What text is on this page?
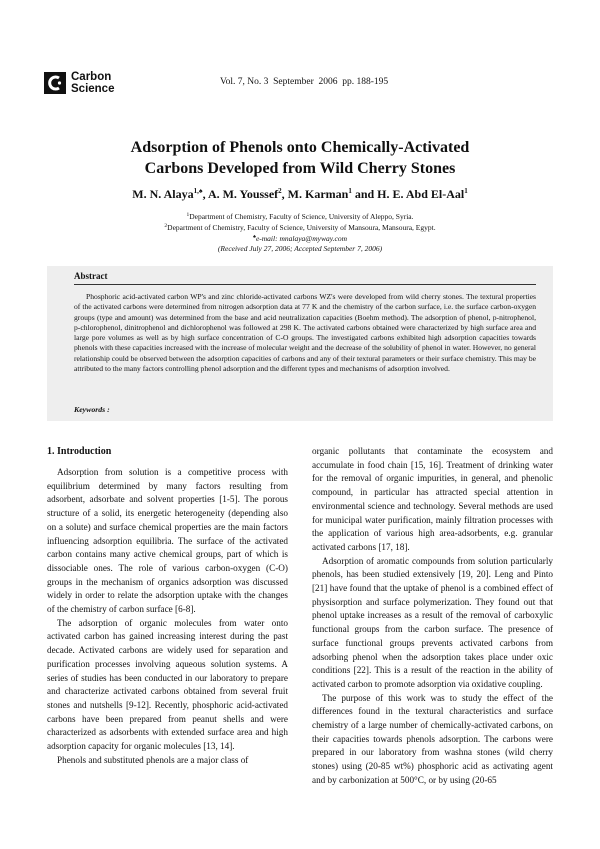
Carbon
Science
Vol. 7, No. 3  September  2006  pp. 188-195
Adsorption of Phenols onto Chemically-Activated
Carbons Developed from Wild Cherry Stones
M. N. Alaya$^{1,♠}$, A. M. Youssef$^2$, M. Karman$^1$ and H. E. Abd El-Aal$^1$
$^1$Department of Chemistry, Faculty of Science, University of Aleppo, Syria.
$^2$Department of Chemistry, Faculty of Science, University of Mansoura, Mansoura, Egypt.
♠e-mail: mnalaya@myway.com
(Received July 27, 2006; Accepted September 7, 2006)
Abstract

Phosphoric acid-activated carbon WP's and zinc chloride-activated carbons WZ's were developed from wild cherry stones. The textural properties of the activated carbons were determined from nitrogen adsorption data at 77 K and the chemistry of the carbon surface, i.e. the surface carbon-oxygen groups (type and amount) was determined from the base and acid neutralization capacities (Boehm method). The adsorption of phenol, p-nitrophenol, p-chlorophenol, dinitrophenol and dichlorophenol was followed at 298 K. The activated carbons obtained were characterized by high surface area and large pore volumes as well as by high surface concentration of C-O groups. The investigated carbons exhibited high adsorption capacities towards phenols with these capacities increased with the increase of molecular weight and the decrease of the solubility of phenol in water. However, no general relationship could be observed between the adsorption capacities of carbons and any of their textural parameters or their surface chemistry. This may be attributed to the many factors controlling phenol adsorption and the different types and mechanisms of adsorption involved.

Keywords :
1. Introduction

Adsorption from solution is a competitive process with equilibrium determined by many factors resulting from adsorbent, adsorbate and solvent properties [1-5]. The porous structure of a solid, its energetic heterogeneity (depending also on a solute) and surface chemical properties are the main factors influencing adsorption equilibria. The surface of the activated carbon contains many active chemical groups, part of which is dissociable ones. The role of various carbon-oxygen (C-O) groups in the mechanism of organics adsorption was discussed widely in order to relate the adsorption uptake with the changes of the chemistry of carbon surface [6-8].

The adsorption of organic molecules from water onto activated carbon has gained increasing interest during the past decade. Activated carbons are widely used for separation and purification processes involving aqueous solution systems. A series of studies has been conducted in our laboratory to prepare and characterize activated carbons obtained from several fruit stones and nutshells [9-12]. Recently, phosphoric acid-activated carbons have been prepared from peanut shells and were characterized as adsorbents with extended surface area and high adsorption capacity for organic molecules [13, 14].

Phenols and substituted phenols are a major class of

organic pollutants that contaminate the ecosystem and accumulate in food chain [15, 16]. Treatment of drinking water for the removal of organic impurities, in general, and phenolic compound, in particular has attracted special attention in environmental science and technology. Several methods are used for municipal water purification, mainly filtration processes with the application of various high area-adsorbents, e.g. granular activated carbons [17, 18].

Adsorption of aromatic compounds from solution particularly phenols, has been studied extensively [19, 20]. Leng and Pinto [21] have found that the uptake of phenol is a combined effect of physisorption and surface polymerization. They found out that phenol uptake increases as a result of the removal of carboxylic functional groups from the carbon surface. The presence of surface functional groups prevents activated carbons from adsorbing phenol when the adsorption takes place under oxic conditions [22]. This is a result of the reaction in the ability of activated carbon to promote adsorption via oxidative coupling.

The purpose of this work was to study the effect of the differences found in the textural characteristics and surface chemistry of a large number of chemically-activated carbons, on their capacities towards phenols adsorption. The carbons were prepared in our laboratory from washna stones (wild cherry stones) using (20-85 wt%) phosphoric acid as activating agent and by carbonization at 500°C, or by using (20-65
